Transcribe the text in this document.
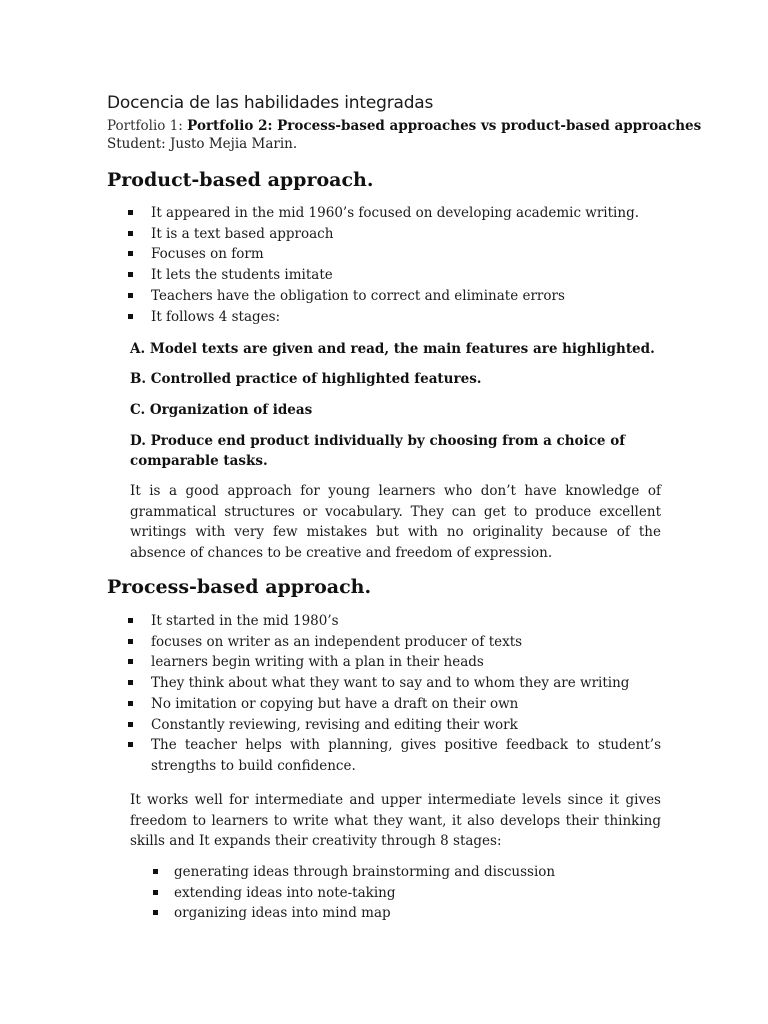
Docencia de las habilidades integradas
Portfolio 1: Portfolio 2: Process-based approaches vs product-based approaches
Student: Justo Mejia Marin.
Product-based approach.
It appeared in the mid 1960’s focused on developing academic writing.
It is a text based approach
Focuses on form
It lets the students imitate
Teachers have the obligation to correct and eliminate errors
It follows 4 stages:
A. Model texts are given and read, the main features are highlighted.
B. Controlled practice of highlighted features.
C. Organization of ideas
D. Produce end product individually by choosing from a choice of comparable tasks.

It is a good approach for young learners who don’t have knowledge of grammatical structures or vocabulary. They can get to produce excellent writings with very few mistakes but with no originality because of the absence of chances to be creative and freedom of expression.

Process-based approach.
It started in the mid 1980’s
focuses on writer as an independent producer of texts
learners begin writing with a plan in their heads
They think about what they want to say and to whom they are writing
No imitation or copying but have a draft on their own
Constantly reviewing, revising and editing their work
The teacher helps with planning, gives positive feedback to student’s strengths to build confidence.

It works well for intermediate and upper intermediate levels since it gives freedom to learners to write what they want, it also develops their thinking skills and It expands their creativity through 8 stages:

generating ideas through brainstorming and discussion
extending ideas into note-taking
organizing ideas into mind map
